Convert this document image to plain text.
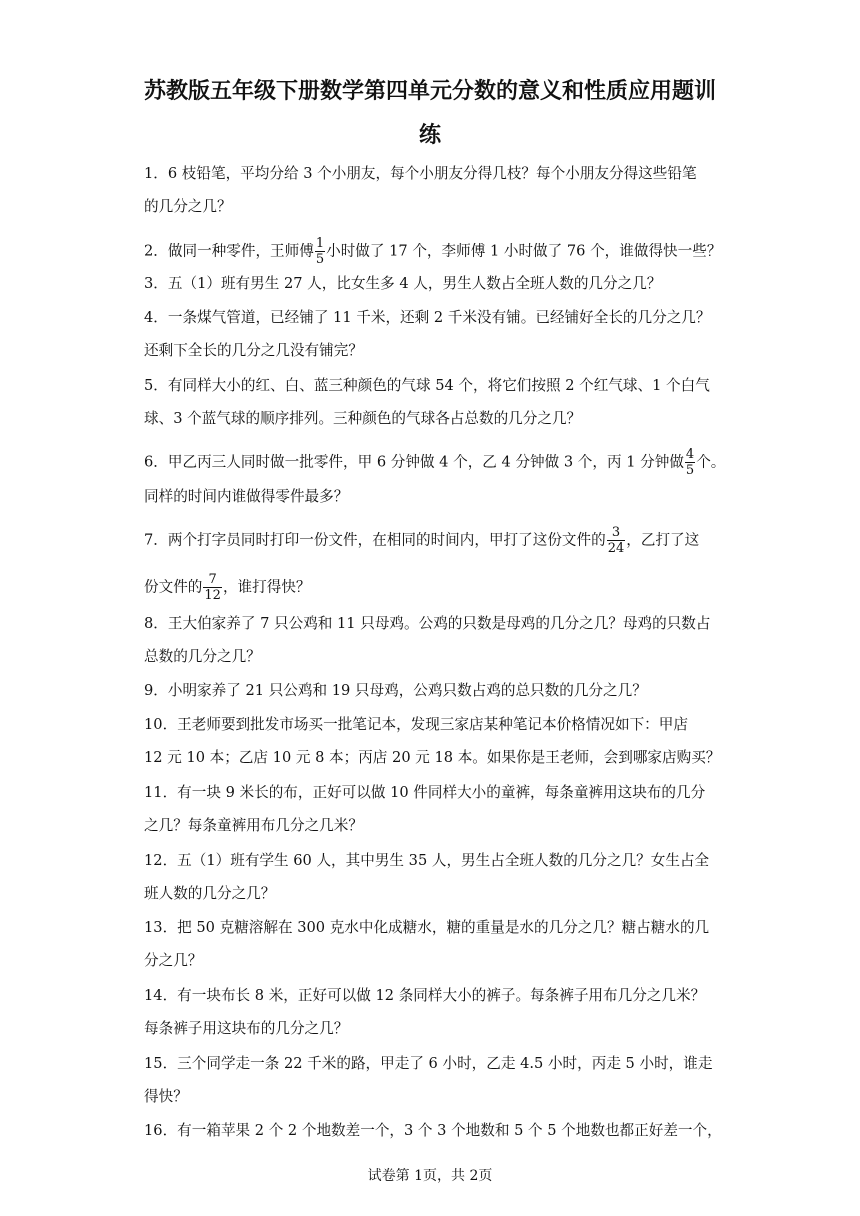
苏教版五年级下册数学第四单元分数的意义和性质应用题训
练
1．6 枝铅笔，平均分给 3 个小朋友，每个小朋友分得几枝？每个小朋友分得这些铅笔
的几分之几？
2．做同一种零件，王师傅 $\frac{1}{5}$ 小时做了 17 个，李师傅 1 小时做了 76 个，谁做得快一些？
3．五（1）班有男生 27 人，比女生多 4 人，男生人数占全班人数的几分之几？
4．一条煤气管道，已经铺了 11 千米，还剩 2 千米没有铺。已经铺好全长的几分之几？
还剩下全长的几分之几没有铺完？
5．有同样大小的红、白、蓝三种颜色的气球 54 个，将它们按照 2 个红气球、1 个白气
球、3 个蓝气球的顺序排列。三种颜色的气球各占总数的几分之几？
6．甲乙丙三人同时做一批零件，甲 6 分钟做 4 个，乙 4 分钟做 3 个，丙 1 分钟做 $\frac{4}{5}$ 个。
同样的时间内谁做得零件最多？
7．两个打字员同时打印一份文件，在相同的时间内，甲打了这份文件的 $\frac{3}{24}$ ，乙打了这
份文件的 $\frac{7}{12}$ ，谁打得快？
8．王大伯家养了 7 只公鸡和 11 只母鸡。公鸡的只数是母鸡的几分之几？母鸡的只数占
总数的几分之几？
9．小明家养了 21 只公鸡和 19 只母鸡，公鸡只数占鸡的总只数的几分之几？
10．王老师要到批发市场买一批笔记本，发现三家店某种笔记本价格情况如下：甲店
12 元 10 本；乙店 10 元 8 本；丙店 20 元 18 本。如果你是王老师，会到哪家店购买？
11．有一块 9 米长的布，正好可以做 10 件同样大小的童裤，每条童裤用这块布的几分
之几？每条童裤用布几分之几米？
12．五（1）班有学生 60 人，其中男生 35 人，男生占全班人数的几分之几？女生占全
班人数的几分之几？
13．把 50 克糖溶解在 300 克水中化成糖水，糖的重量是水的几分之几？糖占糖水的几
分之几？
14．有一块布长 8 米，正好可以做 12 条同样大小的裤子。每条裤子用布几分之几米？
每条裤子用这块布的几分之几？
15．三个同学走一条 22 千米的路，甲走了 6 小时，乙走 4.5 小时，丙走 5 小时，谁走
得快？
16．有一箱苹果 2 个 2 个地数差一个，3 个 3 个地数和 5 个 5 个地数也都正好差一个，
试卷第 1页，共 2页
